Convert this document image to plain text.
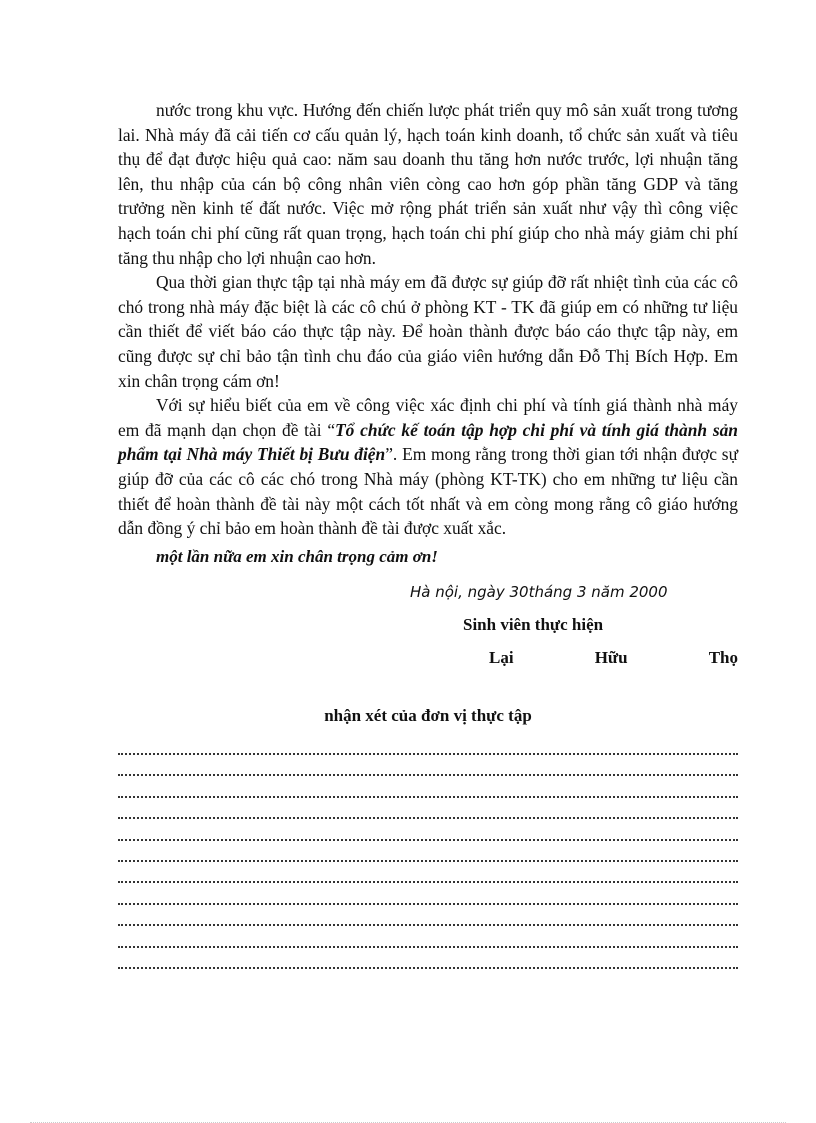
nước trong khu vực. Hướng đến chiến lược phát triển quy mô sản xuất trong tương lai. Nhà máy đã cải tiến cơ cấu quản lý, hạch toán kinh doanh, tổ chức sản xuất và tiêu thụ để đạt được hiệu quả cao: năm sau doanh thu tăng hơn nước trước, lợi nhuận tăng lên, thu nhập của cán bộ công nhân viên còng cao hơn góp phần tăng GDP và tăng trưởng nền kinh tế đất nước. Việc mở rộng phát triển sản xuất như vậy thì công việc hạch toán chi phí cũng rất quan trọng, hạch toán chi phí giúp cho nhà máy giảm chi phí tăng thu nhập cho lợi nhuận cao hơn.

Qua thời gian thực tập tại nhà máy em đã được sự giúp đỡ rất nhiệt tình của các cô chó trong nhà máy đặc biệt là các cô chú ở phòng KT - TK đã giúp em có những tư liệu cần thiết để viết báo cáo thực tập này. Để hoàn thành được báo cáo thực tập này, em cũng được sự chỉ bảo tận tình chu đáo của giáo viên hướng dẫn Đỗ Thị Bích Hợp. Em xin chân trọng cám ơn!

Với sự hiểu biết của em về công việc xác định chi phí và tính giá thành nhà máy em đã mạnh dạn chọn đề tài “Tổ chức kế toán tập hợp chi phí và tính giá thành sản phẩm tại Nhà máy Thiết bị Bưu điện”. Em mong rằng trong thời gian tới nhận được sự giúp đỡ của các cô các chó trong Nhà máy (phòng KT-TK) cho em những tư liệu cần thiết để hoàn thành đề tài này một cách tốt nhất và em còng mong rằng cô giáo hướng dẫn đồng ý chỉ bảo em hoàn thành đề tài được xuất xắc.

một lần nữa em xin chân trọng cảm ơn!

Hà nội, ngày 30tháng 3 năm 2000

Sinh viên thực hiện

Lại	Hữu	Thọ

nhận xét của đơn vị thực tập
